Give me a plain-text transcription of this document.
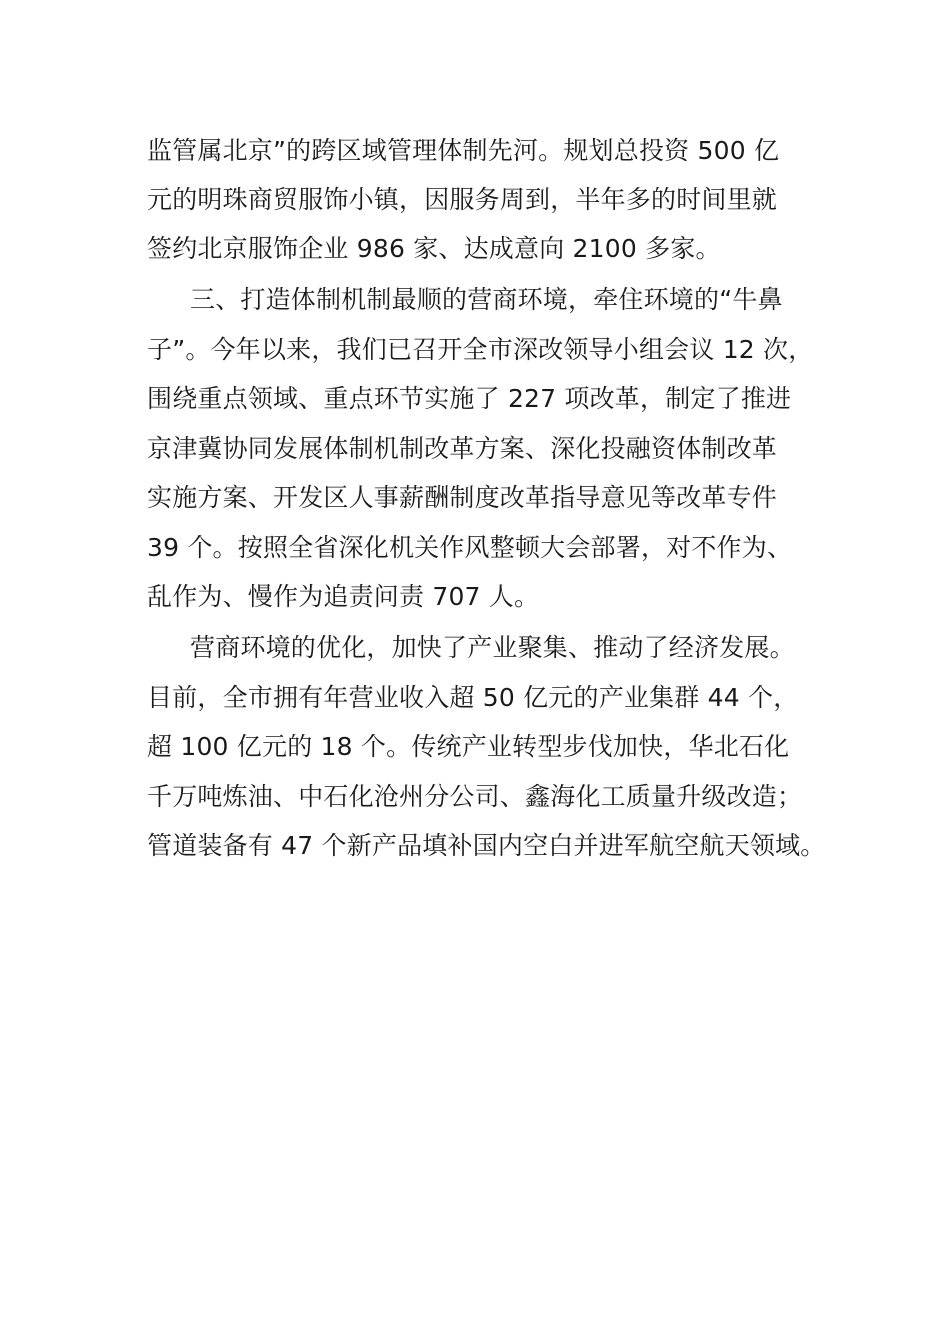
监管属北京”的跨区域管理体制先河。规划总投资 500 亿
元的明珠商贸服饰小镇，因服务周到，半年多的时间里就
签约北京服饰企业 986 家、达成意向 2100 多家。
三、打造体制机制最顺的营商环境，牵住环境的“牛鼻
子”。今年以来，我们已召开全市深改领导小组会议 12 次，
围绕重点领域、重点环节实施了 227 项改革，制定了推进
京津冀协同发展体制机制改革方案、深化投融资体制改革
实施方案、开发区人事薪酬制度改革指导意见等改革专件
39 个。按照全省深化机关作风整顿大会部署，对不作为、
乱作为、慢作为追责问责 707 人。
营商环境的优化，加快了产业聚集、推动了经济发展。
目前，全市拥有年营业收入超 50 亿元的产业集群 44 个，
超 100 亿元的 18 个。传统产业转型步伐加快，华北石化
千万吨炼油、中石化沧州分公司、鑫海化工质量升级改造；
管道装备有 47 个新产品填补国内空白并进军航空航天领域。
